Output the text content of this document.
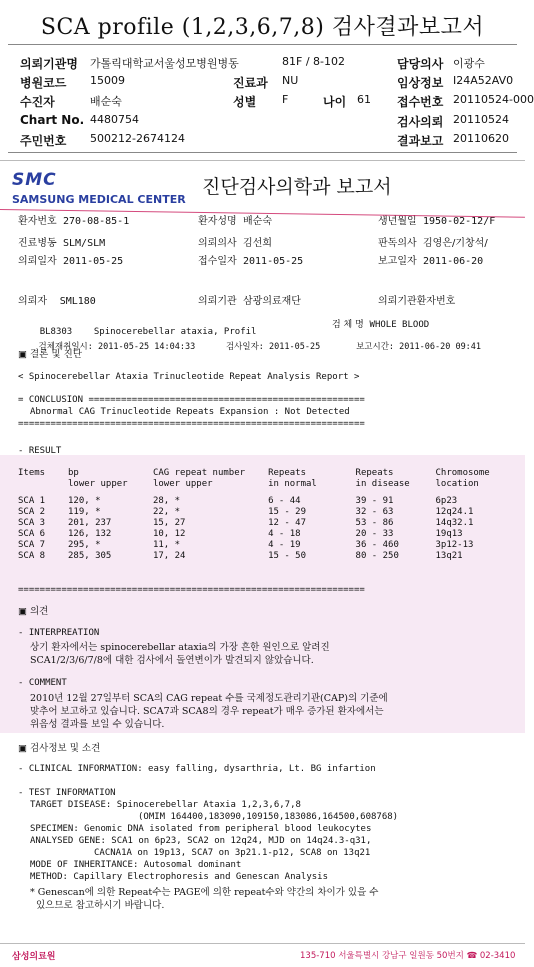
SCA profile (1,2,3,6,7,8) 검사결과보고서
의뢰기관명 가톨릭대학교서울성모병원병동	81F / 8-102	담당의사 이광수
병원코드 15009	진료과 NU	임상정보 I24A52AV0
수진자	배순숙	성별 F	나이 61 접수번호 20110524-000
Chart No. 4480754	검사의뢰 20110524
주민번호 500212-2674124	결과보고 20110620
SMC
SAMSUNG MEDICAL CENTER
진단검사의학과 보고서
환자번호 270-08-85-1	환자성명 배순숙	생년월일 1950-02-12/F
진료병동 SLM/SLM	의뢰의사 김선희	판독의사 김영은/기창석/
의뢰일자 2011-05-25	접수일자 2011-05-25	보고일자 2011-06-20
의뢰자 SML180	의뢰기관 삼광의료재단	의뢰기관환자번호

BL8303 Spinocerebellar ataxia, Profil

검 체 명 WHOLE BLOOD

검체재취일시: 2011-05-25 14:04:33	검사일자: 2011-05-25	보고시간: 2011-06-20 09:41

▣ 결론 및 진단
< Spinocerebellar Ataxia Trinucleotide Repeat Analysis Report >
= CONCLUSION ===================================================
Abnormal CAG Trinucleotide Repeats Expansion : Not Detected
================================================================
- RESULT
Items	bp	CAG repeat number	Repeats	Repeats	Chromosome
	lower upper	lower upper	in normal	in disease	location

SCA 1	120, *	28, *	6 - 44	39 - 91	6p23
SCA 2	119, *	22, *	15 - 29	32 - 63	12q24.1
SCA 3	201, 237	15, 27	12 - 47	53 - 86	14q32.1
SCA 6	126, 132	10, 12	4 - 18	20 - 33	19q13
SCA 7	295, *	11, *	4 - 19	36 - 460	3p12-13
SCA 8	285, 305	17, 24	15 - 50	80 - 250	13q21
================================================================
▣ 의견
- INTERPREATION
상기 환자에서는 spinocerebellar ataxia의 가장 흔한 원인으로 알려진
SCA1/2/3/6/7/8에 대한 검사에서 돌연변이가 발견되지 않았습니다.
- COMMENT
2010년 12월 27일부터 SCA의 CAG repeat 수를 국제정도관리기관(CAP)의 기준에
맞추어 보고하고 있습니다. SCA7과 SCA8의 경우 repeat가 매우 증가된 환자에서는
위음성 결과를 보일 수 있습니다.
▣ 검사정보 및 소견
- CLINICAL INFORMATION: easy falling, dysarthria, Lt. BG infartion
- TEST INFORMATION
TARGET DISEASE: Spinocerebellar Ataxia 1,2,3,6,7,8
(OMIM 164400,183090,109150,183086,164500,608768)
SPECIMEN: Genomic DNA isolated from peripheral blood leukocytes
ANALYSED GENE: SCA1 on 6p23, SCA2 on 12q24, MJD on 14q24.3-q31,
CACNA1A on 19p13, SCA7 on 3p21.1-p12, SCA8 on 13q21
MODE OF INHERITANCE: Autosomal dominant
METHOD: Capillary Electrophoresis and Genescan Analysis
* Genescan에 의한 Repeat수는 PAGE에 의한 repeat수와 약간의 차이가 있을 수
있으므로 참고하시기 바랍니다.
삼성의료원	135-710 서울특별시 강남구 일원동 50번지 ☎ 02-3410
